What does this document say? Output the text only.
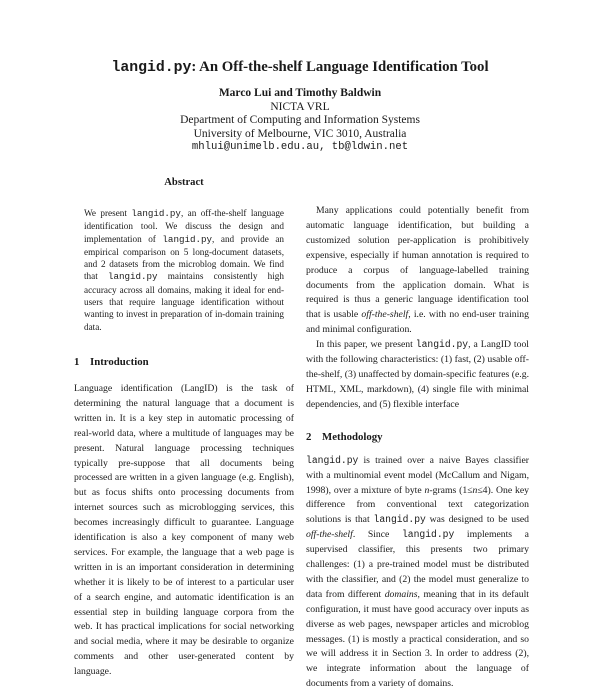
langid.py: An Off-the-shelf Language Identification Tool
Marco Lui and Timothy Baldwin
NICTA VRL
Department of Computing and Information Systems
University of Melbourne, VIC 3010, Australia
mhlui@unimelb.edu.au, tb@ldwin.net
Abstract
We present langid.py, an off-the-shelf language identification tool. We discuss the design and implementation of langid.py, and provide an empirical comparison on 5 long-document datasets, and 2 datasets from the microblog domain. We find that langid.py maintains consistently high accuracy across all domains, making it ideal for end-users that require language identification without wanting to invest in preparation of in-domain training data.
1 Introduction

Language identification (LangID) is the task of determining the natural language that a document is written in. It is a key step in automatic processing of real-world data, where a multitude of languages may be present. Natural language processing techniques typically pre-suppose that all documents being processed are written in a given language (e.g. English), but as focus shifts onto processing documents from internet sources such as microblogging services, this becomes increasingly difficult to guarantee. Language identification is also a key component of many web services. For example, the language that a web page is written in is an important consideration in determining whether it is likely to be of interest to a particular user of a search engine, and automatic identification is an essential step in building language corpora from the web. It has practical implications for social networking and social media, where it may be desirable to organize comments and other user-generated content by language.

Many applications could potentially benefit from automatic language identification, but building a customized solution per-application is prohibitively expensive, especially if human annotation is required to produce a corpus of language-labelled training documents from the application domain. What is required is thus a generic language identification tool that is usable off-the-shelf, i.e. with no end-user training and minimal configuration.

In this paper, we present langid.py, a LangID tool with the following characteristics: (1) fast, (2) usable off-the-shelf, (3) unaffected by domain-specific features (e.g. HTML, XML, markdown), (4) single file with minimal dependencies, and (5) flexible interface

2 Methodology

langid.py is trained over a naive Bayes classifier with a multinomial event model (McCallum and Nigam, 1998), over a mixture of byte n-grams (1≤n≤4). One key difference from conventional text categorization solutions is that langid.py was designed to be used off-the-shelf. Since langid.py implements a supervised classifier, this presents two primary challenges: (1) a pre-trained model must be distributed with the classifier, and (2) the model must generalize to data from different domains, meaning that in its default configuration, it must have good accuracy over inputs as diverse as web pages, newspaper articles and microblog messages. (1) is mostly a practical consideration, and so we will address it in Section 3. In order to address (2), we integrate information about the language of documents from a variety of domains.
